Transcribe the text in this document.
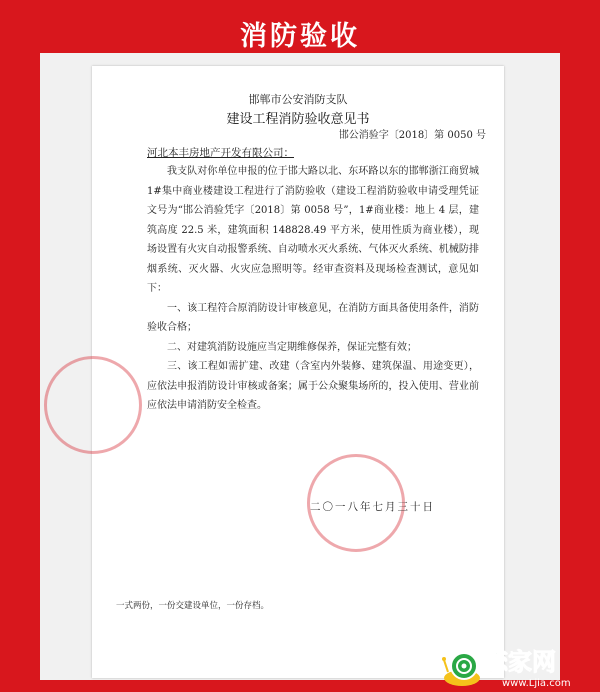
消防验收
邯郸市公安消防支队
建设工程消防验收意见书
邯公消验字〔2018〕第 0050 号
河北本丰房地产开发有限公司：

我支队对你单位申报的位于邯大路以北、东环路以东的邯郸浙江商贸城 1#集中商业楼建设工程进行了消防验收（建设工程消防验收申请受理凭证文号为“邯公消验凭字〔2018〕第 0058 号”，1#商业楼：地上 4 层，建筑高度 22.5 米，建筑面积 148828.49 平方米，使用性质为商业楼），现场设置有火灾自动报警系统、自动喷水灭火系统、气体灭火系统、机械防排烟系统、灭火器、火灾应急照明等。经审查资料及现场检查测试，意见如下：

一、该工程符合原消防设计审核意见，在消防方面具备使用条件，消防验收合格；

二、对建筑消防设施应当定期维修保养，保证完整有效；

三、该工程如需扩建、改建（含室内外装修、建筑保温、用途变更），应依法申报消防设计审核或备案；属于公众聚集场所的，投入使用、营业前应依法申请消防安全检查。

二〇一八年七月三十日
一式两份，一份交建设单位，一份存档。
恋家网
www.Ljia.com
